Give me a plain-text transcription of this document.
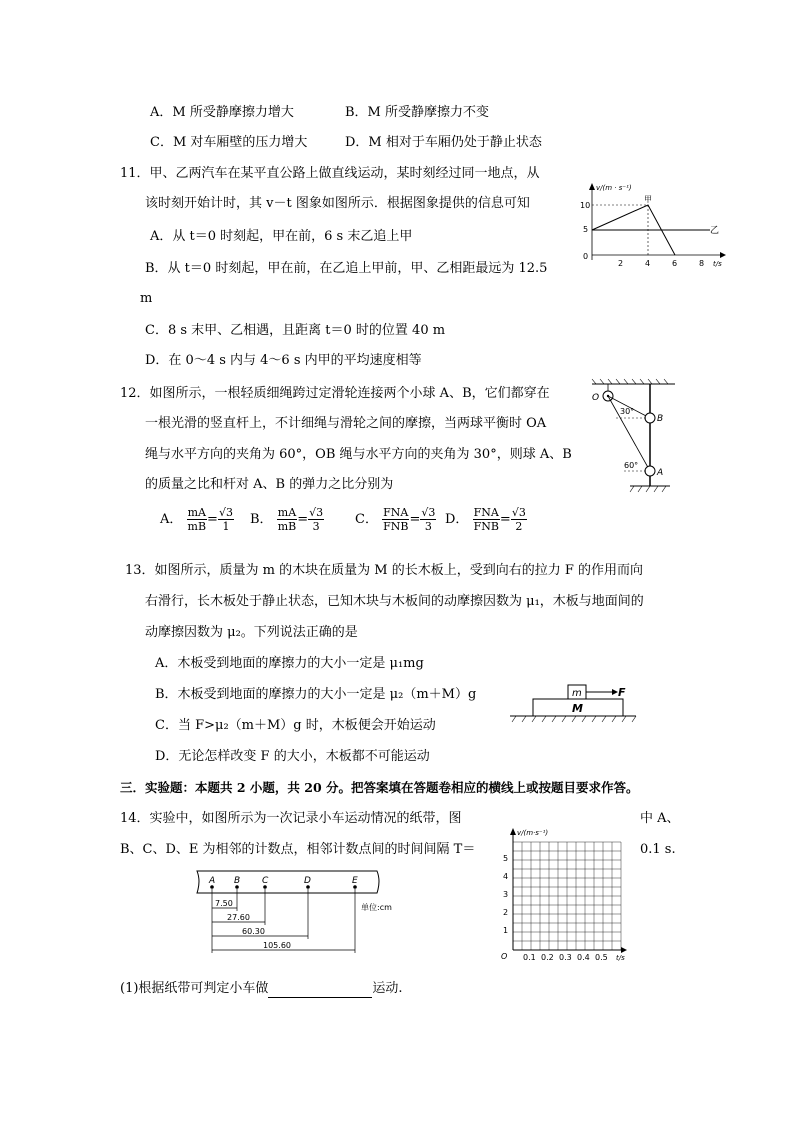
A．M 所受静摩擦力增大	B．M 所受静摩擦力不变
C．M 对车厢壁的压力增大	D．M 相对于车厢仍处于静止状态
11．甲、乙两汽车在某平直公路上做直线运动，某时刻经过同一地点，从
该时刻开始计时，其 v－t 图象如图所示．根据图象提供的信息可知
A．从 t＝0 时刻起，甲在前，6 s 末乙追上甲
B．从 t＝0 时刻起，甲在前，在乙追上甲前，甲、乙相距最远为 12.5
m
C．8 s 末甲、乙相遇，且距离 t＝0 时的位置 40 m
D．在 0～4 s 内与 4～6 s 内甲的平均速度相等
v/(m · s⁻¹)
t/s
10
5
0
2	4	6	8
甲
乙
12．如图所示，一根轻质细绳跨过定滑轮连接两个小球 A、B，它们都穿在
一根光滑的竖直杆上，不计细绳与滑轮之间的摩擦，当两球平衡时 OA
绳与水平方向的夹角为 60°，OB 绳与水平方向的夹角为 30°，则球 A、B
的质量之比和杆对 A、B 的弹力之比分别为
A． $\frac{mA}{mB} = \frac{√3}{1}$ B． $\frac{mA}{mB} = \frac{√3}{3}$ C． $\frac{\text{FNA}}{\text{FNB}} = \frac{√3}{3}$ D． $\frac{\text{FNA}}{\text{FNB}} = \frac{√3}{2}$
O
B
A
30°
60°
13．如图所示，质量为 m 的木块在质量为 M 的长木板上，受到向右的拉力 F 的作用而向
右滑行，长木板处于静止状态，已知木块与木板间的动摩擦因数为 μ₁，木板与地面间的
动摩擦因数为 μ₂。下列说法正确的是
A．木板受到地面的摩擦力的大小一定是 μ₁mg
B．木板受到地面的摩擦力的大小一定是 μ₂（m＋M）g
C．当 F>μ₂（m＋M）g 时，木板便会开始运动
D．无论怎样改变 F 的大小，木板都不可能运动
m	F
M
三．实验题：本题共 2 小题，共 20 分。把答案填在答题卷相应的横线上或按题目要求作答。
14．实验中，如图所示为一次记录小车运动情况的纸带，图	中 A、
B、C、D、E 为相邻的计数点，相邻计数点间的时间间隔 T＝	0.1 s.
A B C	D	E
7.50
27.60
60.30
105.60
单位:cm
v/(m·s⁻¹)
t/s
O
1
2
3
4
5
0.1 0.2 0.3 0.4 0.5
(1)根据纸带可判定小车做	运动.
